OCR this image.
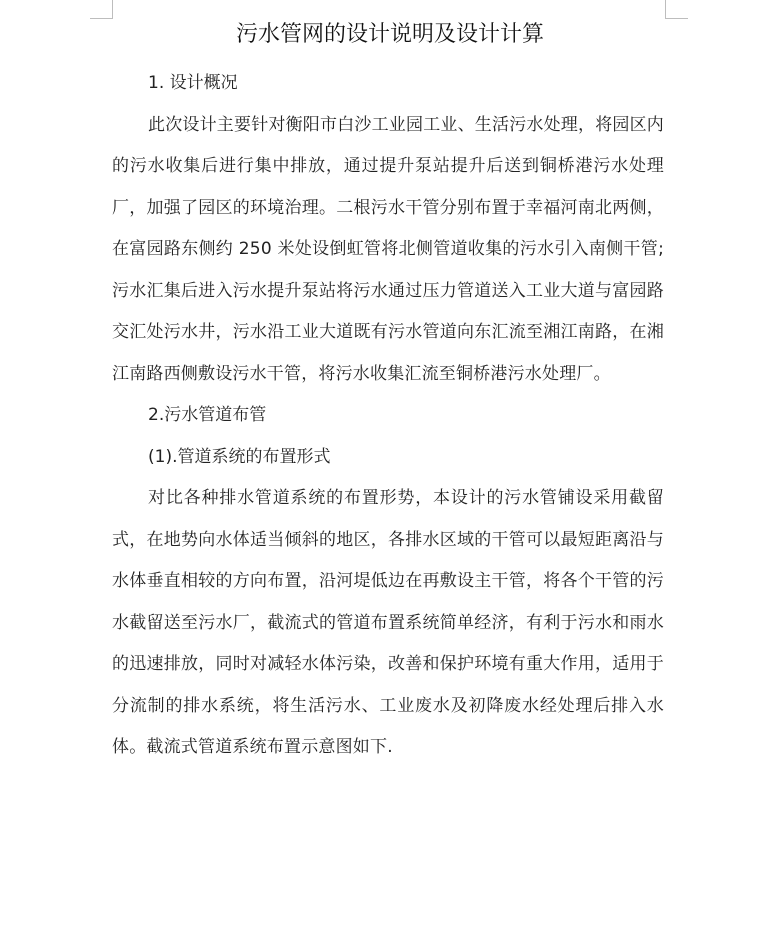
污水管网的设计说明及设计计算

1. 设计概况

此次设计主要针对衡阳市白沙工业园工业、生活污水处理，将园区内的污水收集后进行集中排放，通过提升泵站提升后送到铜桥港污水处理厂，加强了园区的环境治理。二根污水干管分别布置于幸福河南北两侧，在富园路东侧约 250 米处设倒虹管将北侧管道收集的污水引入南侧干管; 污水汇集后进入污水提升泵站将污水通过压力管道送入工业大道与富园路交汇处污水井，污水沿工业大道既有污水管道向东汇流至湘江南路，在湘江南路西侧敷设污水干管，将污水收集汇流至铜桥港污水处理厂。

2.污水管道布管

(1).管道系统的布置形式

对比各种排水管道系统的布置形势，本设计的污水管铺设采用截留式，在地势向水体适当倾斜的地区，各排水区域的干管可以最短距离沿与水体垂直相较的方向布置，沿河堤低边在再敷设主干管，将各个干管的污水截留送至污水厂，截流式的管道布置系统简单经济，有利于污水和雨水的迅速排放，同时对减轻水体污染，改善和保护环境有重大作用，适用于分流制的排水系统，将生活污水、工业废水及初降废水经处理后排入水体。截流式管道系统布置示意图如下.
